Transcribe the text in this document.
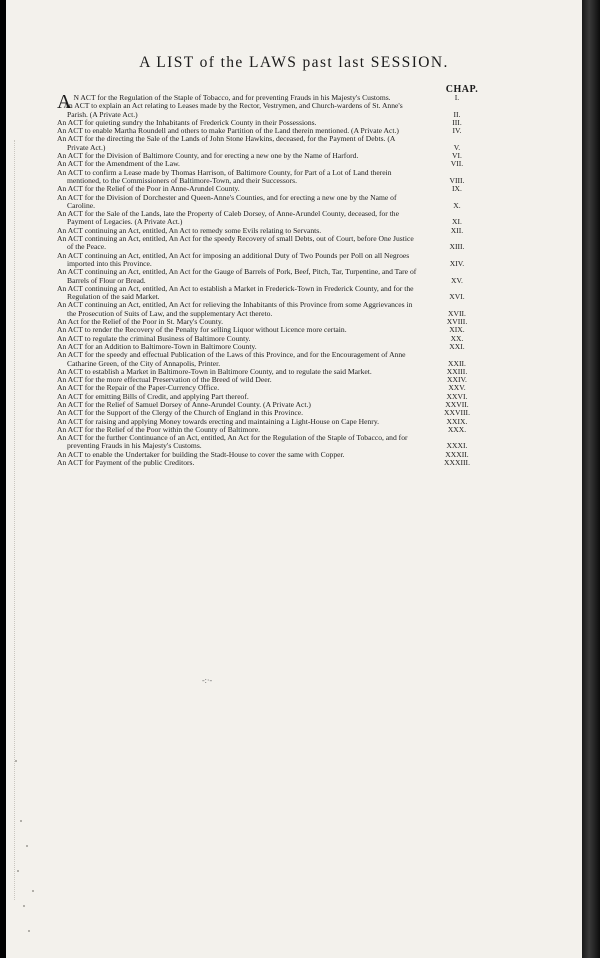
A LIST of the LAWS past last SESSION.
CHAP.
A N ACT for the Regulation of the Staple of Tobacco, and for preventing Frauds in his Majesty's Customs.	I.
An ACT to explain an Act relating to Leases made by the Rector, Vestrymen, and Church-wardens of St. Anne's Parish. (A Private Act.)	II.
An ACT for quieting sundry the Inhabitants of Frederick County in their Possessions.	III.
An ACT to enable Martha Roundell and others to make Partition of the Land therein mentioned. (A Private Act.)	IV.
An ACT for the directing the Sale of the Lands of John Stone Hawkins, deceased, for the Payment of Debts. (A Private Act.)	V.
An ACT for the Division of Baltimore County, and for erecting a new one by the Name of Harford.	VI.
An ACT for the Amendment of the Law.	VII.
An ACT to confirm a Lease made by Thomas Harrison, of Baltimore County, for Part of a Lot of Land therein mentioned, to the Commissioners of Baltimore-Town, and their Successors.	VIII.
An ACT for the Relief of the Poor in Anne-Arundel County.	IX.
An ACT for the Division of Dorchester and Queen-Anne's Counties, and for erecting a new one by the Name of Caroline.	X.
An ACT for the Sale of the Lands, late the Property of Caleb Dorsey, of Anne-Arundel County, deceased, for the Payment of Legacies. (A Private Act.)	XI.
An ACT continuing an Act, entitled, An Act to remedy some Evils relating to Servants.	XII.
An ACT continuing an Act, entitled, An Act for the speedy Recovery of small Debts, out of Court, before One Justice of the Peace.	XIII.
An ACT continuing an Act, entitled, An Act for imposing an additional Duty of Two Pounds per Poll on all Negroes imported into this Province.	XIV.
An ACT continuing an Act, entitled, An Act for the Gauge of Barrels of Pork, Beef, Pitch, Tar, Turpentine, and Tare of Barrels of Flour or Bread.	XV.
An ACT continuing an Act, entitled, An Act to establish a Market in Frederick-Town in Frederick County, and for the Regulation of the said Market.	XVI.
An ACT continuing an Act, entitled, An Act for relieving the Inhabitants of this Province from some Aggrievances in the Prosecution of Suits of Law, and the supplementary Act thereto.	XVII.
An Act for the Relief of the Poor in St. Mary's County.	XVIII.
An ACT to render the Recovery of the Penalty for selling Liquor without Licence more certain.	XIX.
An ACT to regulate the criminal Business of Baltimore County.	XX.
An ACT for an Addition to Baltimore-Town in Baltimore County.	XXI.
An ACT for the speedy and effectual Publication of the Laws of this Province, and for the Encouragement of Anne Catharine Green, of the City of Annapolis, Printer.	XXII.
An ACT to establish a Market in Baltimore-Town in Baltimore County, and to regulate the said Market.	XXIII.
An ACT for the more effectual Preservation of the Breed of wild Deer.	XXIV.
An ACT for the Repair of the Paper-Currency Office.	XXV.
An ACT for emitting Bills of Credit, and applying Part thereof.	XXVI.
An ACT for the Relief of Samuel Dorsey of Anne-Arundel County. (A Private Act.)	XXVII.
An ACT for the Support of the Clergy of the Church of England in this Province.	XXVIII.
An ACT for raising and applying Money towards erecting and maintaining a Light-House on Cape Henry.	XXIX.
An ACT for the Relief of the Poor within the County of Baltimore.	XXX.
An ACT for the further Continuance of an Act, entitled, An Act for the Regulation of the Staple of Tobacco, and for preventing Frauds in his Majesty's Customs.	XXXI.
An ACT to enable the Undertaker for building the Stadt-House to cover the same with Copper.	XXXII.
An ACT for Payment of the public Creditors.	XXXIII.
-:·-
